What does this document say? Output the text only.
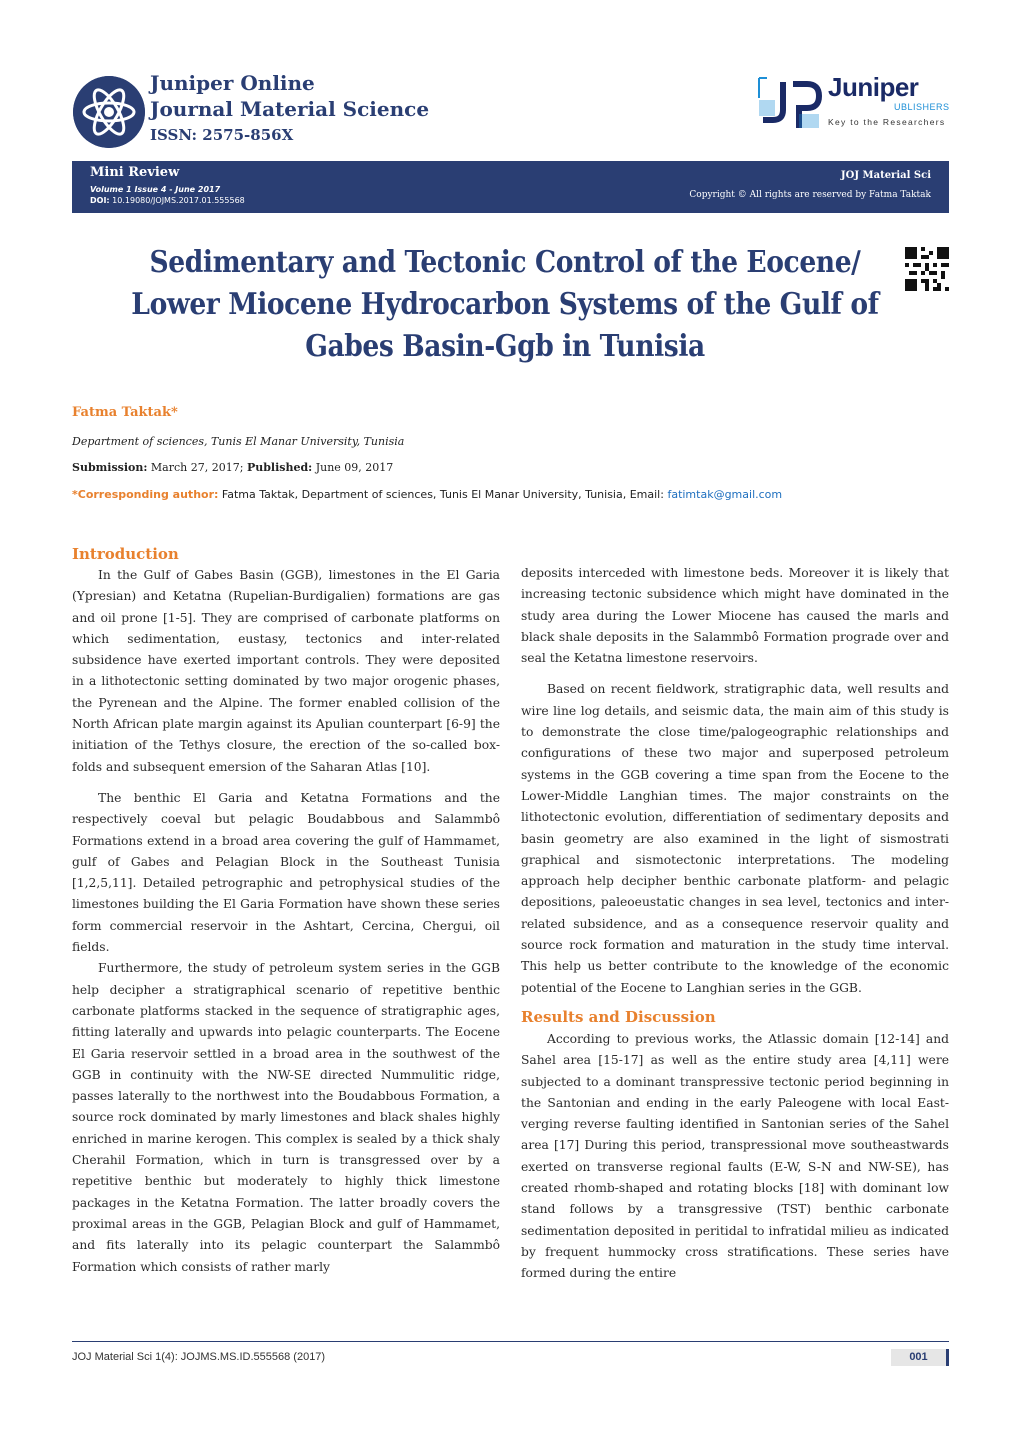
Juniper Online
Journal Material Science
ISSN: 2575-856X
Juniper
UBLISHERS
Key to the Researchers
Mini Review
Volume 1 Issue 4 - June 2017
DOI: 10.19080/JOJMS.2017.01.555568
JOJ Material Sci
Copyright © All rights are reserved by Fatma Taktak
Sedimentary and Tectonic Control of the Eocene/
Lower Miocene Hydrocarbon Systems of the Gulf of
Gabes Basin-Ggb in Tunisia
Fatma Taktak*
Department of sciences, Tunis El Manar University, Tunisia
Submission: March 27, 2017; Published: June 09, 2017
*Corresponding author: Fatma Taktak, Department of sciences, Tunis El Manar University, Tunisia, Email: fatimtak@gmail.com
Introduction

In the Gulf of Gabes Basin (GGB), limestones in the El Garia (Ypresian) and Ketatna (Rupelian-Burdigalien) formations are gas and oil prone [1-5]. They are comprised of carbonate platforms on which sedimentation, eustasy, tectonics and inter-related subsidence have exerted important controls. They were deposited in a lithotectonic setting dominated by two major orogenic phases, the Pyrenean and the Alpine. The former enabled collision of the North African plate margin against its Apulian counterpart [6-9] the initiation of the Tethys closure, the erection of the so-called box-folds and subsequent emersion of the Saharan Atlas [10].

The benthic El Garia and Ketatna Formations and the respectively coeval but pelagic Boudabbous and Salammbô Formations extend in a broad area covering the gulf of Hammamet, gulf of Gabes and Pelagian Block in the Southeast Tunisia [1,2,5,11]. Detailed petrographic and petrophysical studies of the limestones building the El Garia Formation have shown these series form commercial reservoir in the Ashtart, Cercina, Chergui, oil fields.

Furthermore, the study of petroleum system series in the GGB help decipher a stratigraphical scenario of repetitive benthic carbonate platforms stacked in the sequence of stratigraphic ages, fitting laterally and upwards into pelagic counterparts. The Eocene El Garia reservoir settled in a broad area in the southwest of the GGB in continuity with the NW-SE directed Nummulitic ridge, passes laterally to the northwest into the Boudabbous Formation, a source rock dominated by marly limestones and black shales highly enriched in marine kerogen. This complex is sealed by a thick shaly Cherahil Formation, which in turn is transgressed over by a repetitive benthic but moderately to highly thick limestone packages in the Ketatna Formation. The latter broadly covers the proximal areas in the GGB, Pelagian Block and gulf of Hammamet, and fits laterally into its pelagic counterpart the Salammbô Formation which consists of rather marly

deposits interceded with limestone beds. Moreover it is likely that increasing tectonic subsidence which might have dominated in the study area during the Lower Miocene has caused the marls and black shale deposits in the Salammbô Formation prograde over and seal the Ketatna limestone reservoirs.

Based on recent fieldwork, stratigraphic data, well results and wire line log details, and seismic data, the main aim of this study is to demonstrate the close time/palogeographic relationships and configurations of these two major and superposed petroleum systems in the GGB covering a time span from the Eocene to the Lower-Middle Langhian times. The major constraints on the lithotectonic evolution, differentiation of sedimentary deposits and basin geometry are also examined in the light of sismostrati graphical and sismotectonic interpretations. The modeling approach help decipher benthic carbonate platform- and pelagic depositions, paleoeustatic changes in sea level, tectonics and inter-related subsidence, and as a consequence reservoir quality and source rock formation and maturation in the study time interval. This help us better contribute to the knowledge of the economic potential of the Eocene to Langhian series in the GGB.

Results and Discussion

According to previous works, the Atlassic domain [12-14] and Sahel area [15-17] as well as the entire study area [4,11] were subjected to a dominant transpressive tectonic period beginning in the Santonian and ending in the early Paleogene with local East-verging reverse faulting identified in Santonian series of the Sahel area [17] During this period, transpressional move southeastwards exerted on transverse regional faults (E-W, S-N and NW-SE), has created rhomb-shaped and rotating blocks [18] with dominant low stand follows by a transgressive (TST) benthic carbonate sedimentation deposited in peritidal to infratidal milieu as indicated by frequent hummocky cross stratifications. These series have formed during the entire

JOJ Material Sci 1(4): JOJMS.MS.ID.555568 (2017)	001
